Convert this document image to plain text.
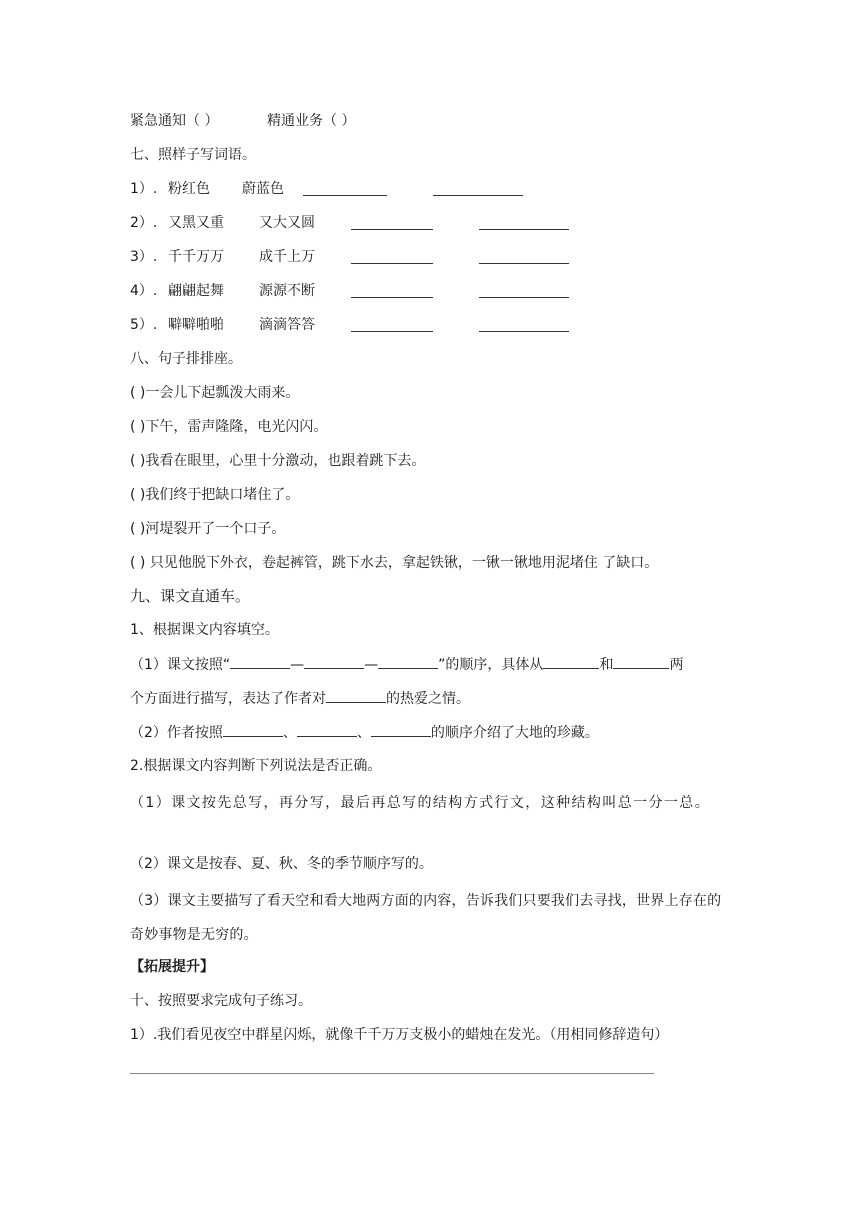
紧急通知（ ）	精通业务（ ）
七、照样子写词语。
1）. 粉红色 蔚蓝色
2）. 又黑又重	又大又圆
3）. 千千万万	成千上万
4）. 翩翩起舞	源源不断
5）. 噼噼啪啪	滴滴答答
八、句子排排座。
( )一会儿下起瓢泼大雨来。
( )下午，雷声隆隆，电光闪闪。
( )我看在眼里，心里十分激动，也跟着跳下去。
( )我们终于把缺口堵住了。
( )河堤裂开了一个口子。
( ) 只见他脱下外衣，卷起裤管，跳下水去，拿起铁锹，一锹一锹地用泥堵住 了缺口。
九、课文直通车。
1、根据课文内容填空。
（1）课文按照“	—	—	”的顺序，具体从	和	两
个方面进行描写，表达了作者对	的热爱之情。
（2）作者按照	、	、	的顺序介绍了大地的珍藏。
2.根据课文内容判断下列说法是否正确。
（1）课文按先总写，再分写，最后再总写的结构方式行文，这种结构叫总一分一总。
（2）课文是按春、夏、秋、冬的季节顺序写的。
（3）课文主要描写了看天空和看大地两方面的内容，告诉我们只要我们去寻找，世界上存在的奇妙事物是无穷的。
【拓展提升】
十、按照要求完成句子练习。
1）.我们看见夜空中群星闪烁，就像千千万万支极小的蜡烛在发光。（用相同修辞造句）
